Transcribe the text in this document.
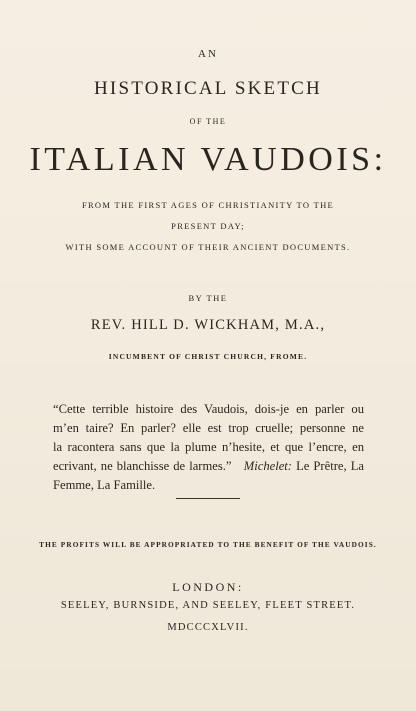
AN

HISTORICAL SKETCH

OF THE

ITALIAN VAUDOIS:

FROM THE FIRST AGES OF CHRISTIANITY TO THE

PRESENT DAY;

WITH SOME ACCOUNT OF THEIR ANCIENT DOCUMENTS.

BY THE

REV. HILL D. WICKHAM, M.A.,

INCUMBENT OF CHRIST CHURCH, FROME.

“Cette terrible histoire des Vaudois, dois-je en parler ou
m’en taire? En parler? elle est trop cruelle; personne ne
la racontera sans que la plume n’hesite, et que l’encre, en
ecrivant, ne blanchisse de larmes.” Michelet: Le Prêtre, La
Femme, La Famille.

THE PROFITS WILL BE APPROPRIATED TO THE BENEFIT OF THE VAUDOIS.

LONDON:

SEELEY, BURNSIDE, AND SEELEY, FLEET STREET.

MDCCCXLVII.
